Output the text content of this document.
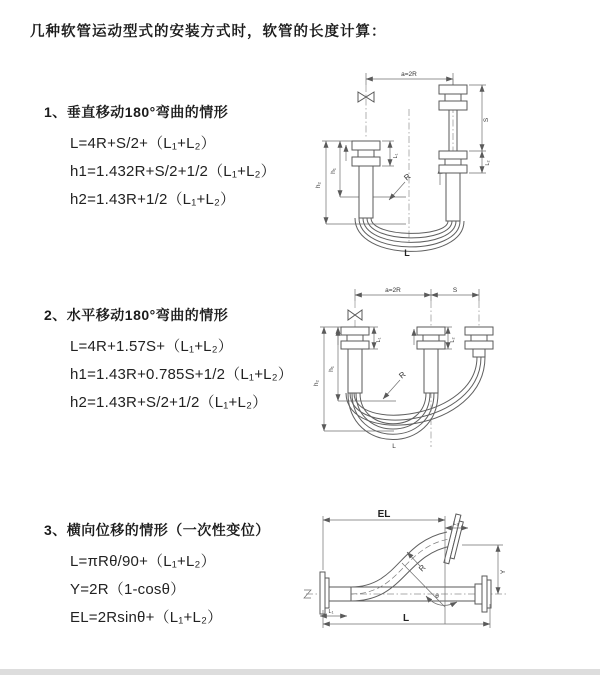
几种软管运动型式的安装方式时，软管的长度计算：
1、垂直移动180°弯曲的情形
L=4R+S/2+（L₁+L₂）
h1=1.432R+S/2+1/2（L₁+L₂）
h2=1.43R+1/2（L₁+L₂）
2、水平移动180°弯曲的情形
L=4R+1.57S+（L₁+L₂）
h1=1.43R+0.785S+1/2（L₁+L₂）
h2=1.43R+S/2+1/2（L₁+L₂）
3、横向位移的情形（一次性变位）
L=πRθ/90+（L₁+L₂）
Y=2R（1-cosθ）
EL=2Rsinθ+（L₁+L₂）
a=2R
L₁
S
L₂
h₁
h₂
R
L
a=2R	S
L₁	L₂
h₁
h₂
R
L
EL
L₂
Y
R
θ
L₁
L
